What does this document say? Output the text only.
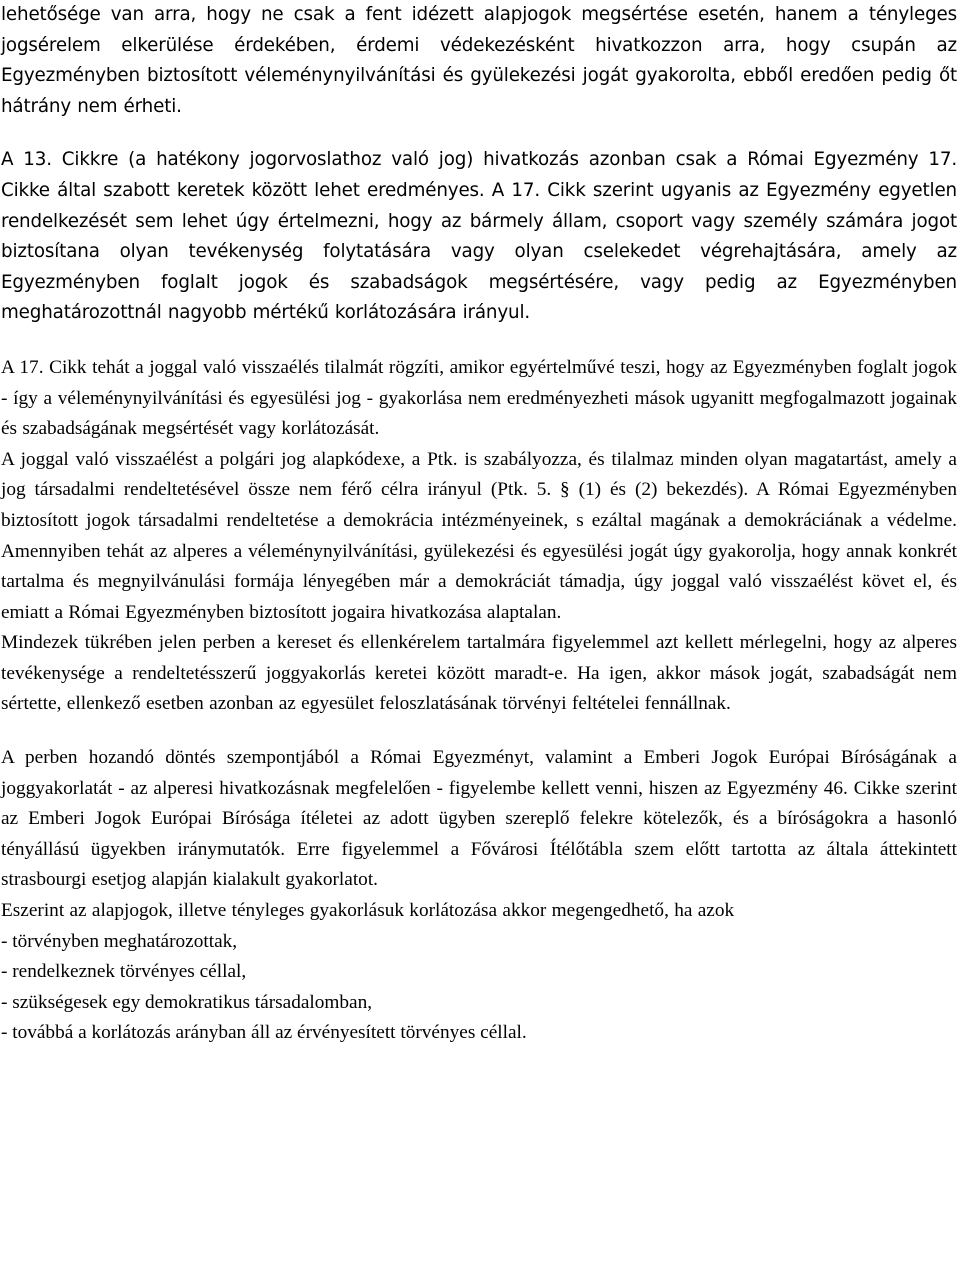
lehetősége van arra, hogy ne csak a fent idézett alapjogok megsértése esetén, hanem a tényleges jogsérelem elkerülése érdekében, érdemi védekezésként hivatkozzon arra, hogy csupán az Egyezményben biztosított véleménynyilvánítási és gyülekezési jogát gyakorolta, ebből eredően pedig őt hátrány nem érheti.

A 13. Cikkre (a hatékony jogorvoslathoz való jog) hivatkozás azonban csak a Római Egyezmény 17. Cikke által szabott keretek között lehet eredményes. A 17. Cikk szerint ugyanis az Egyezmény egyetlen rendelkezését sem lehet úgy értelmezni, hogy az bármely állam, csoport vagy személy számára jogot biztosítana olyan tevékenység folytatására vagy olyan cselekedet végrehajtására, amely az Egyezményben foglalt jogok és szabadságok megsértésére, vagy pedig az Egyezményben meghatározottnál nagyobb mértékű korlátozására irányul.

A 17. Cikk tehát a joggal való visszaélés tilalmát rögzíti, amikor egyértelművé teszi, hogy az Egyezményben foglalt jogok - így a véleménynyilvánítási és egyesülési jog - gyakorlása nem eredményezheti mások ugyanitt megfogalmazott jogainak és szabadságának megsértését vagy korlátozását.

A joggal való visszaélést a polgári jog alapkódexe, a Ptk. is szabályozza, és tilalmaz minden olyan magatartást, amely a jog társadalmi rendeltetésével össze nem férő célra irányul (Ptk. 5. § (1) és (2) bekezdés). A Római Egyezményben biztosított jogok társadalmi rendeltetése a demokrácia intézményeinek, s ezáltal magának a demokráciának a védelme. Amennyiben tehát az alperes a véleménynyilvánítási, gyülekezési és egyesülési jogát úgy gyakorolja, hogy annak konkrét tartalma és megnyilvánulási formája lényegében már a demokráciát támadja, úgy joggal való visszaélést követ el, és emiatt a Római Egyezményben biztosított jogaira hivatkozása alaptalan.

Mindezek tükrében jelen perben a kereset és ellenkérelem tartalmára figyelemmel azt kellett mérlegelni, hogy az alperes tevékenysége a rendeltetésszerű joggyakorlás keretei között maradt-e. Ha igen, akkor mások jogát, szabadságát nem sértette, ellenkező esetben azonban az egyesület feloszlatásának törvényi feltételei fennállnak.

A perben hozandó döntés szempontjából a Római Egyezményt, valamint a Emberi Jogok Európai Bíróságának a joggyakorlatát - az alperesi hivatkozásnak megfelelően - figyelembe kellett venni, hiszen az Egyezmény 46. Cikke szerint az Emberi Jogok Európai Bírósága ítéletei az adott ügyben szereplő felekre kötelezők, és a bíróságokra a hasonló tényállású ügyekben iránymutatók. Erre figyelemmel a Fővárosi Ítélőtábla szem előtt tartotta az általa áttekintett strasbourgi esetjog alapján kialakult gyakorlatot.

Eszerint az alapjogok, illetve tényleges gyakorlásuk korlátozása akkor megengedhető, ha azok

- törvényben meghatározottak,
- rendelkeznek törvényes céllal,
- szükségesek egy demokratikus társadalomban,
- továbbá a korlátozás arányban áll az érvényesített törvényes céllal.
